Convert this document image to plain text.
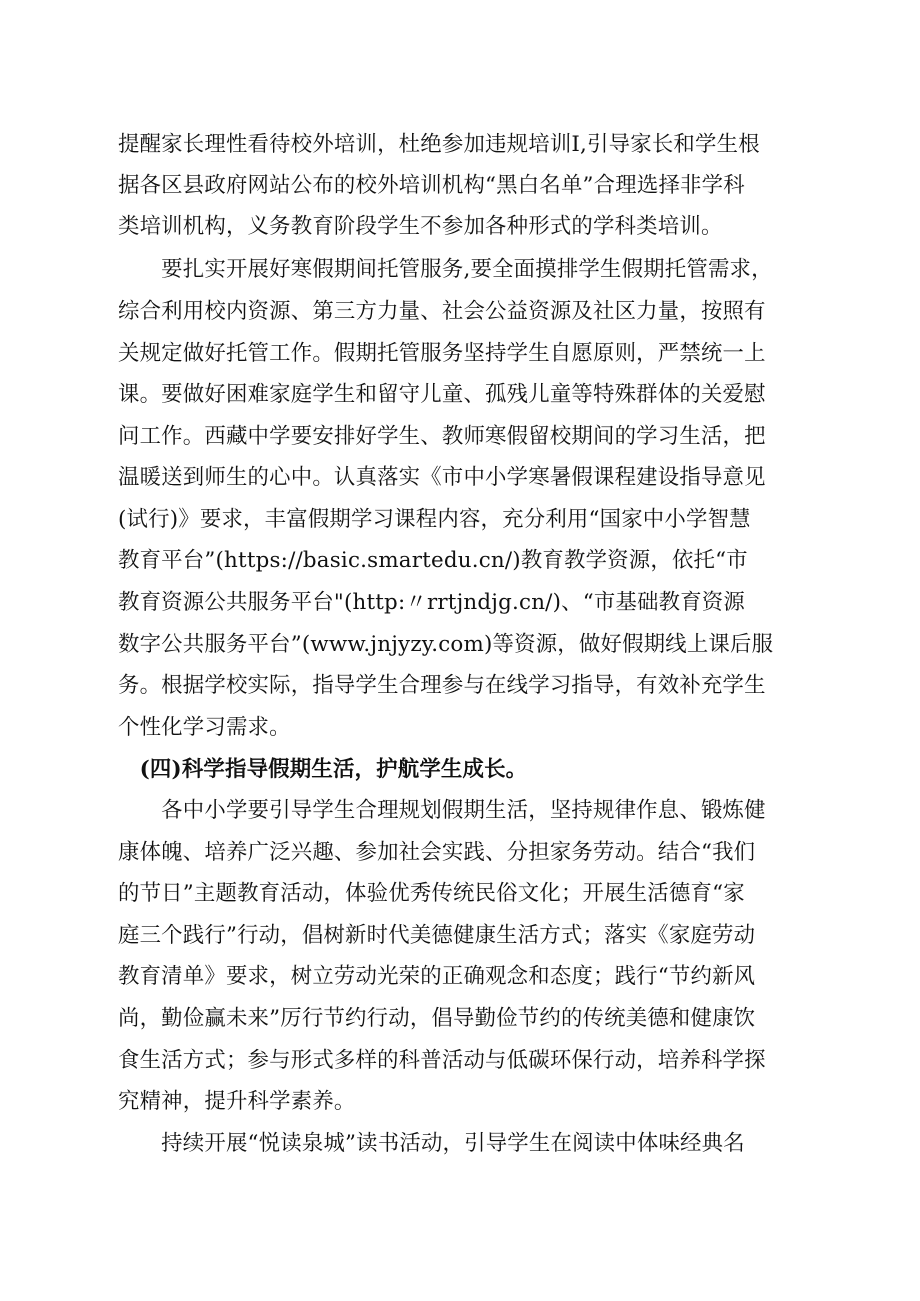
提醒家长理性看待校外培训，杜绝参加违规培训I,引导家长和学生根
据各区县政府网站公布的校外培训机构“黑白名单”合理选择非学科
类培训机构，义务教育阶段学生不参加各种形式的学科类培训。
　　要扎实开展好寒假期间托管服务,要全面摸排学生假期托管需求，
综合利用校内资源、第三方力量、社会公益资源及社区力量，按照有
关规定做好托管工作。假期托管服务坚持学生自愿原则，严禁统一上
课。要做好困难家庭学生和留守儿童、孤残儿童等特殊群体的关爱慰
问工作。西藏中学要安排好学生、教师寒假留校期间的学习生活，把
温暖送到师生的心中。认真落实《市中小学寒暑假课程建设指导意见
(试行)》要求，丰富假期学习课程内容，充分利用“国家中小学智慧
教育平台”(https://basic.smartedu.cn/)教育教学资源，依托“市
教育资源公共服务平台"(http:〃rrtjndjg.cn/)、“市基础教育资源
数字公共服务平台”(www.jnjyzy.com)等资源，做好假期线上课后服
务。根据学校实际，指导学生合理参与在线学习指导，有效补充学生
个性化学习需求。
　(四)科学指导假期生活，护航学生成长。
　　各中小学要引导学生合理规划假期生活，坚持规律作息、锻炼健
康体魄、培养广泛兴趣、参加社会实践、分担家务劳动。结合“我们
的节日”主题教育活动，体验优秀传统民俗文化；开展生活德育“家
庭三个践行”行动，倡树新时代美德健康生活方式；落实《家庭劳动
教育清单》要求，树立劳动光荣的正确观念和态度；践行“节约新风
尚，勤俭赢未来”厉行节约行动，倡导勤俭节约的传统美德和健康饮
食生活方式；参与形式多样的科普活动与低碳环保行动，培养科学探
究精神，提升科学素养。
　　持续开展“悦读泉城”读书活动，引导学生在阅读中体味经典名
